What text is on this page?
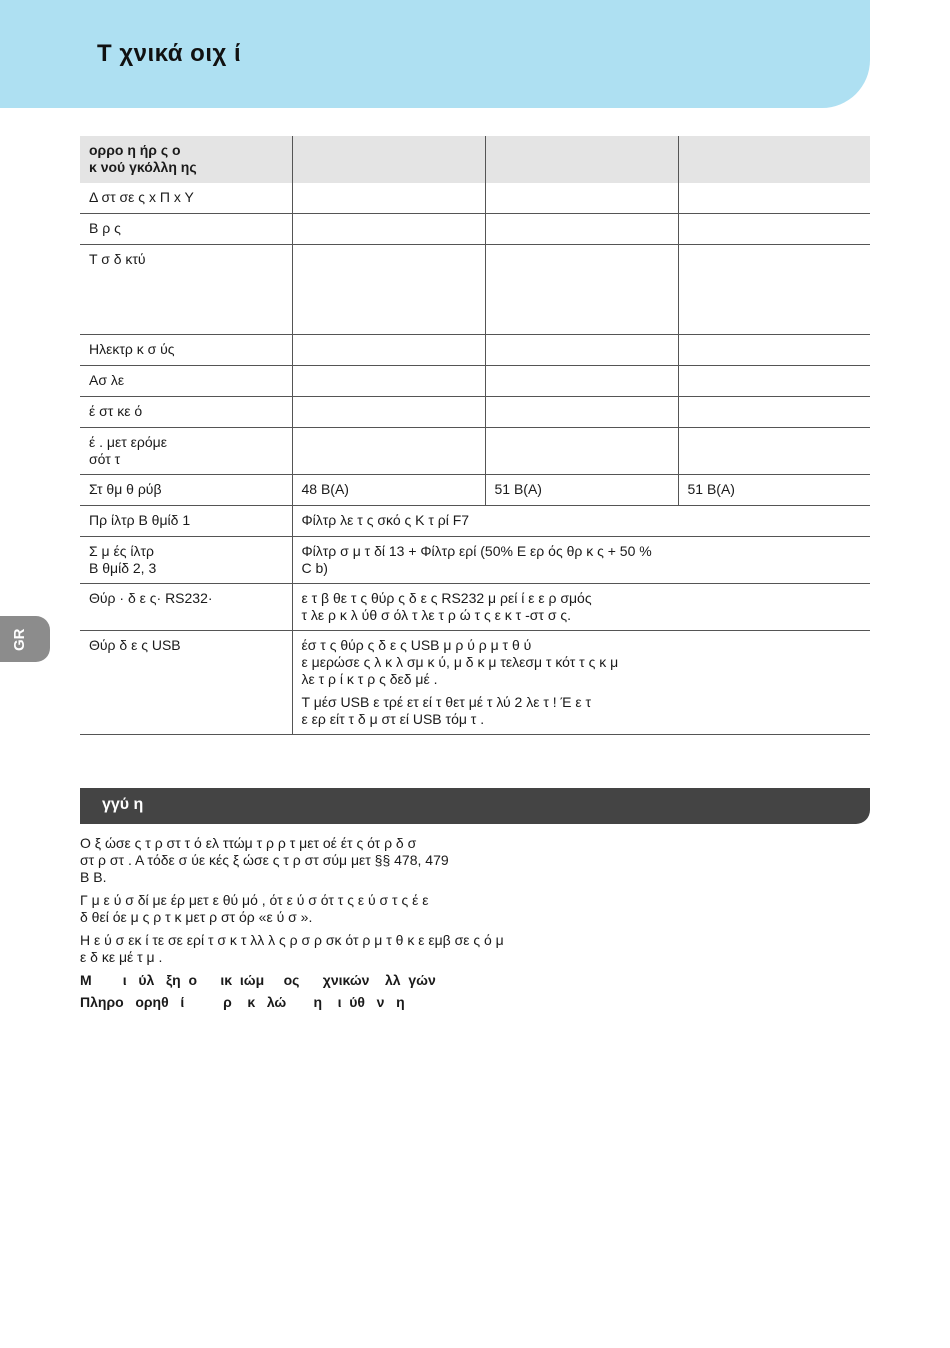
Τ χνικά οιχ ί
GR
ορρο η ήρ ς ο
κ νού γκόλλη ης			
Δ στ σε ς x Π x Y			
Β ρ ς			
Τ σ δ κτύ			
Ηλεκτρ κ σ ύς			
Ασ λε			
έ στ κε ό			
έ . μετ ερόμε
σότ τ			
Στ θμ θ ρύβ	48 B(A)	51 B(A)	51 B(A)
Πρ ίλτρ Β θμίδ 1	Φίλτρ λε τ ς σκό ς Κ τ ρί F7		
Σ μ ές ίλτρ
Β θμίδ 2, 3	Φίλτρ σ μ τ δί 13 + Φίλτρ ερί (50% Ε ερ ός θρ κ ς + 50 %
C b)		
Θύρ · δ ε ς· RS232·	ε τ β θε τ ς θύρ ς δ ε ς RS232 μ ρεί ί ε ε ρ σμός
τ λε ρ κ λ ύθ σ όλ τ λε τ ρ ώ τ ς ε κ τ -στ σ ς.		
Θύρ δ ε ς USB	έσ τ ς θύρ ς δ ε ς USB μ ρ ύ ρ μ τ θ ύ
ε μερώσε ς λ κ λ σμ κ ύ, μ δ κ μ τελεσμ τ κότ τ ς κ μ
λε τ ρ ί κ τ ρ ς δεδ μέ .
Τ μέσ USB ε τρέ ετ εί τ θετ μέ τ λύ 2 λε τ ! Έ ε τ
ε ερ είτ τ δ μ στ εί USB τόμ τ .		
γγύ η

Ο ξ ώσε ς τ ρ στ τ ό ελ ττώμ τ ρ ρ τ μετ οέ έτ ς ότ ρ δ σ
στ ρ στ . Α τόδε σ ύε κές ξ ώσε ς τ ρ στ σύμ μετ §§ 478, 479
Β Β.

Γ μ ε ύ σ δί με έρ μετ ε θύ μό , ότ ε ύ σ ότ τ ς ε ύ σ τ ς έ ε
δ θεί όε μ ς ρ τ κ μετ ρ στ όρ «ε ύ σ ».

Η ε ύ σ εκ ί τε σε ερί τ σ κ τ λλ λ ς ρ σ ρ σκ ότ ρ μ τ θ κ ε εμβ σε ς ό μ
ε δ κε μέ τ μ .

Μ        ι   ύλ   ξη  ο      ικ  ιώμ     ος      χνικών    λλ  γών

Πληρο   ορηθ   ί          ρ    κ   λώ       η    ι  ύθ   ν   η
